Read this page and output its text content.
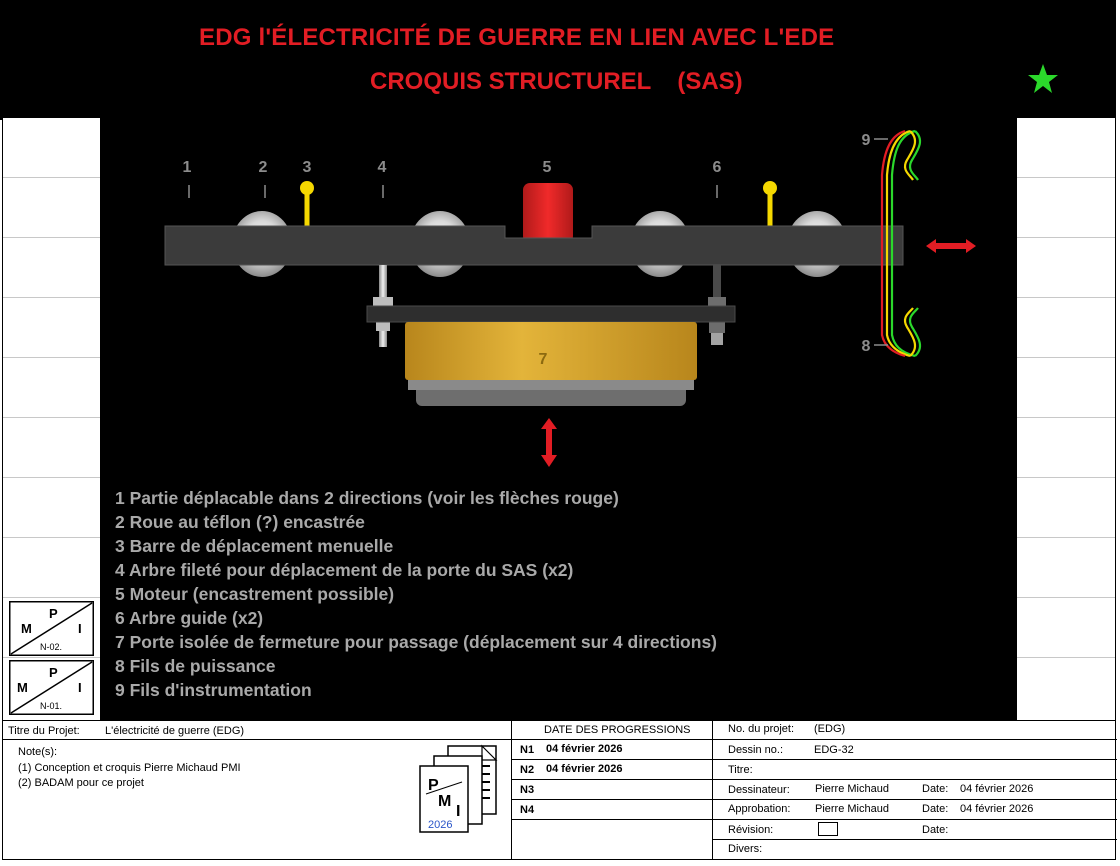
EDG l'ÉLECTRICITÉ DE GUERRE EN LIEN AVEC L'EDE
CROQUIS STRUCTUREL (SAS)
1	2 3	4	5	6
7
9
8
1 Partie déplacable dans 2 directions (voir les flèches rouge)
2 Roue au téflon (?) encastrée
3 Barre de déplacement menuelle
4 Arbre fileté pour déplacement de la porte du SAS (x2)
5 Moteur (encastrement possible)
6 Arbre guide (x2)
7 Porte isolée de fermeture pour passage (déplacement sur 4 directions)
8 Fils de puissance
9 Fils d'instrumentation
M
P
I
N-02.
M
P
I
N-01.
Titre du Projet: L'électricité de guerre (EDG)
Note(s):
(1) Conception et croquis Pierre Michaud PMI
(2) BADAM pour ce projet	P
M
I
2026
DATE DES PROGRESSIONS
N1 04 février 2026
N2 04 février 2026
N3
N4
No. du projet: (EDG)
Dessin no.:	EDG-32
Titre:
Dessinateur: Pierre Michaud	Date: 04 février 2026
Approbation: Pierre Michaud	Date: 04 février 2026
Révision:	Date:
Divers:
